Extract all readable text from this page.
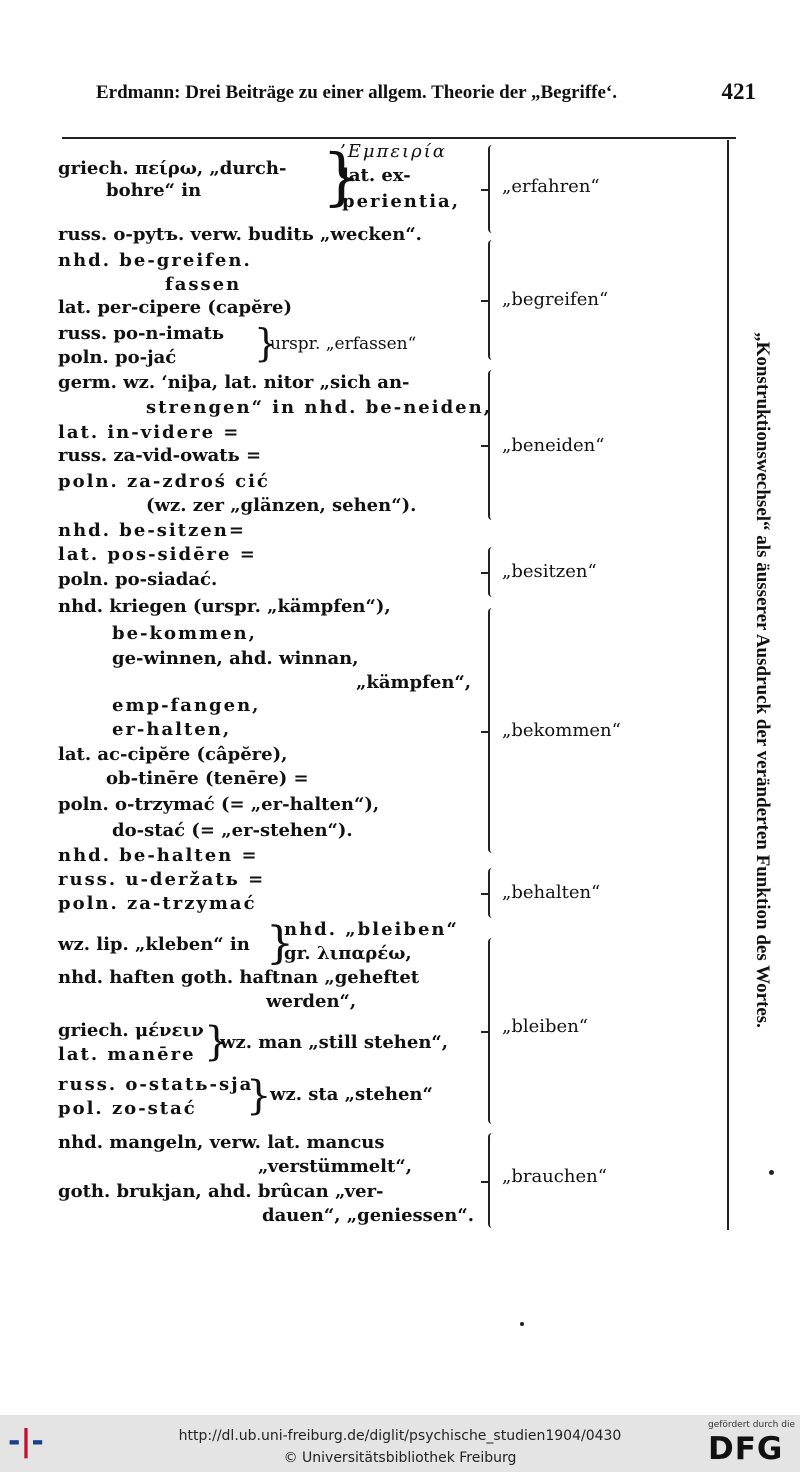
Erdmann: Drei Beiträge zu einer allgem. Theorie der „Begriffe‘.	421
„Konstruktionswechsel“ als äusserer Ausdruck der veränderten Funktion des Wortes.
griech. πείρω, „durch-
bohre“ in }
’Εμπειρία
lat. ex-
perientia,
russ. o-pytъ. verw. buditь „wecken“.
nhd. be-greifen.
fassen
lat. per-cipere (capĕre)
russ. po-n-imatь }
urspr. „erfassen“
poln. po-jać
germ. wz. ‘niþa, lat. nitor „sich an-
strengen“ in nhd. be-neiden,
lat. in-videre =
russ. za-vid-owatь =
poln. za-zdroś cić
(wz. zer „glänzen, sehen“).
nhd. be-sitzen=
lat. pos-sidēre =
poln. po-siadać.
nhd. kriegen (urspr. „kämpfen“),
be-kommen,
ge-winnen, ahd. winnan,
„kämpfen“,
emp-fangen,
er-halten,
lat. ac-cipĕre (câpĕre),
ob-tinēre (tenēre) =
poln. o-trzymać (= „er-halten“),
do-stać (= „er-stehen“).
nhd. be-halten =
russ. u-deržatь =
poln. za-trzymać
wz. lip. „kleben“ in }
nhd. „bleiben“
gr. λιπαρέω,
nhd. haften goth. haftnan „geheftet
werden“,
griech. μένειν }
wz. man „still stehen“,
lat. manēre
russ. o-statь-sja
}
wz. sta „stehen“
pol. zo-stać
nhd. mangeln, verw. lat. mancus
„verstümmelt“,
goth. brukjan, ahd. brûcan „ver-
dauen“, „geniessen“.
„erfahren“
„begreifen“
„beneiden“
„besitzen“
„bekommen“
„behalten“
„bleiben“
„brauchen“
-|-	http://dl.ub.uni-freiburg.de/diglit/psychische_studien1904/0430
© Universitätsbibliothek Freiburg
gefördert durch die
DFG
